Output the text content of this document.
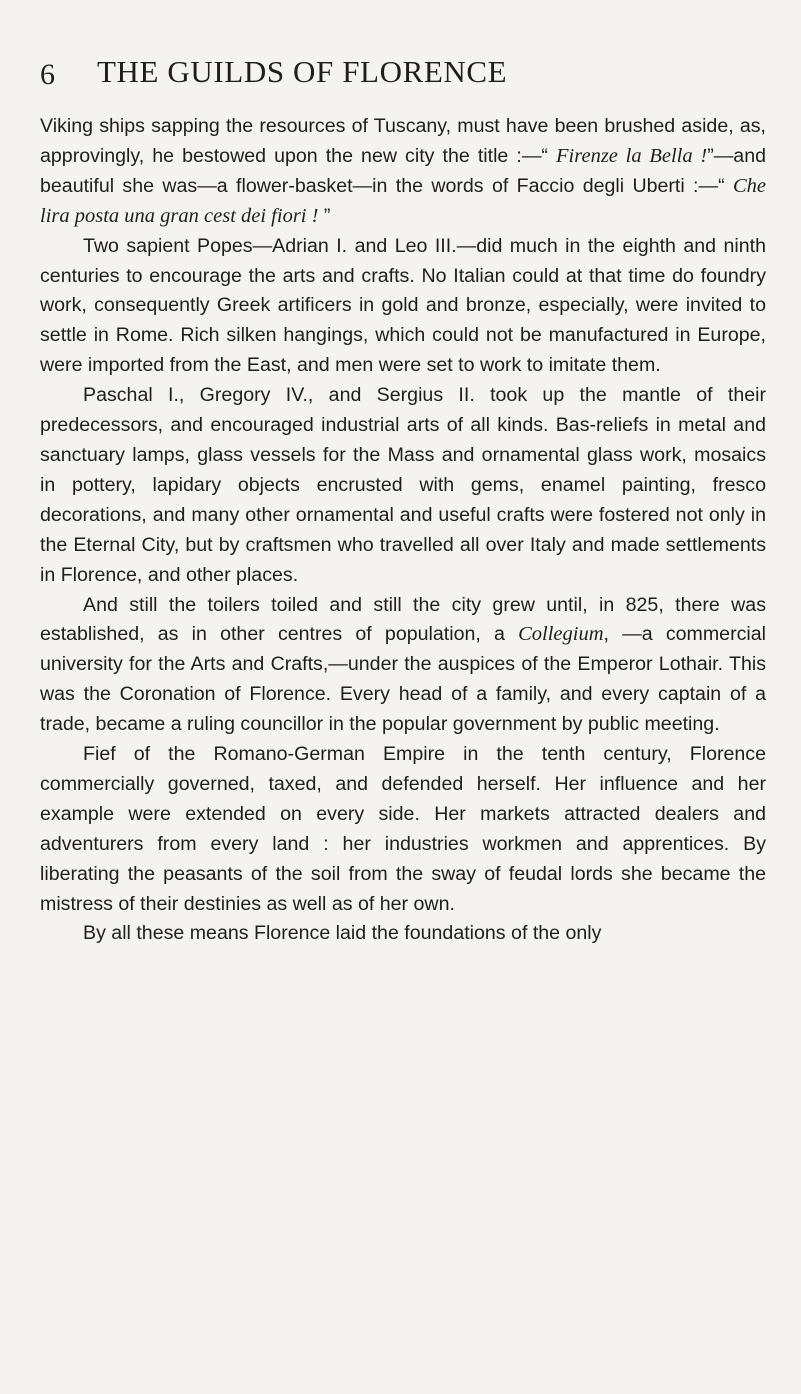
6 THE GUILDS OF FLORENCE

Viking ships sapping the resources of Tuscany, must have been brushed aside, as, approvingly, he bestowed upon the new city the title :—“ Firenze la Bella !”—and beautiful she was—a flower-basket—in the words of Faccio degli Uberti :—“ Che lira posta una gran cest dei fiori ! ”

Two sapient Popes—Adrian I. and Leo III.—did much in the eighth and ninth centuries to encourage the arts and crafts. No Italian could at that time do foundry work, consequently Greek artificers in gold and bronze, especially, were invited to settle in Rome. Rich silken hangings, which could not be manufactured in Europe, were imported from the East, and men were set to work to imitate them.

Paschal I., Gregory IV., and Sergius II. took up the mantle of their predecessors, and encouraged industrial arts of all kinds. Bas-reliefs in metal and sanctuary lamps, glass vessels for the Mass and ornamental glass work, mosaics in pottery, lapidary objects encrusted with gems, enamel painting, fresco decorations, and many other ornamental and useful crafts were fostered not only in the Eternal City, but by craftsmen who travelled all over Italy and made settlements in Florence, and other places.

And still the toilers toiled and still the city grew until, in 825, there was established, as in other centres of population, a Collegium, —a commercial university for the Arts and Crafts,—under the auspices of the Emperor Lothair. This was the Coronation of Florence. Every head of a family, and every captain of a trade, became a ruling councillor in the popular government by public meeting.

Fief of the Romano-German Empire in the tenth century, Florence commercially governed, taxed, and defended herself. Her influence and her example were extended on every side. Her markets attracted dealers and adventurers from every land : her industries workmen and apprentices. By liberating the peasants of the soil from the sway of feudal lords she became the mistress of their destinies as well as of her own.

By all these means Florence laid the foundations of the only
